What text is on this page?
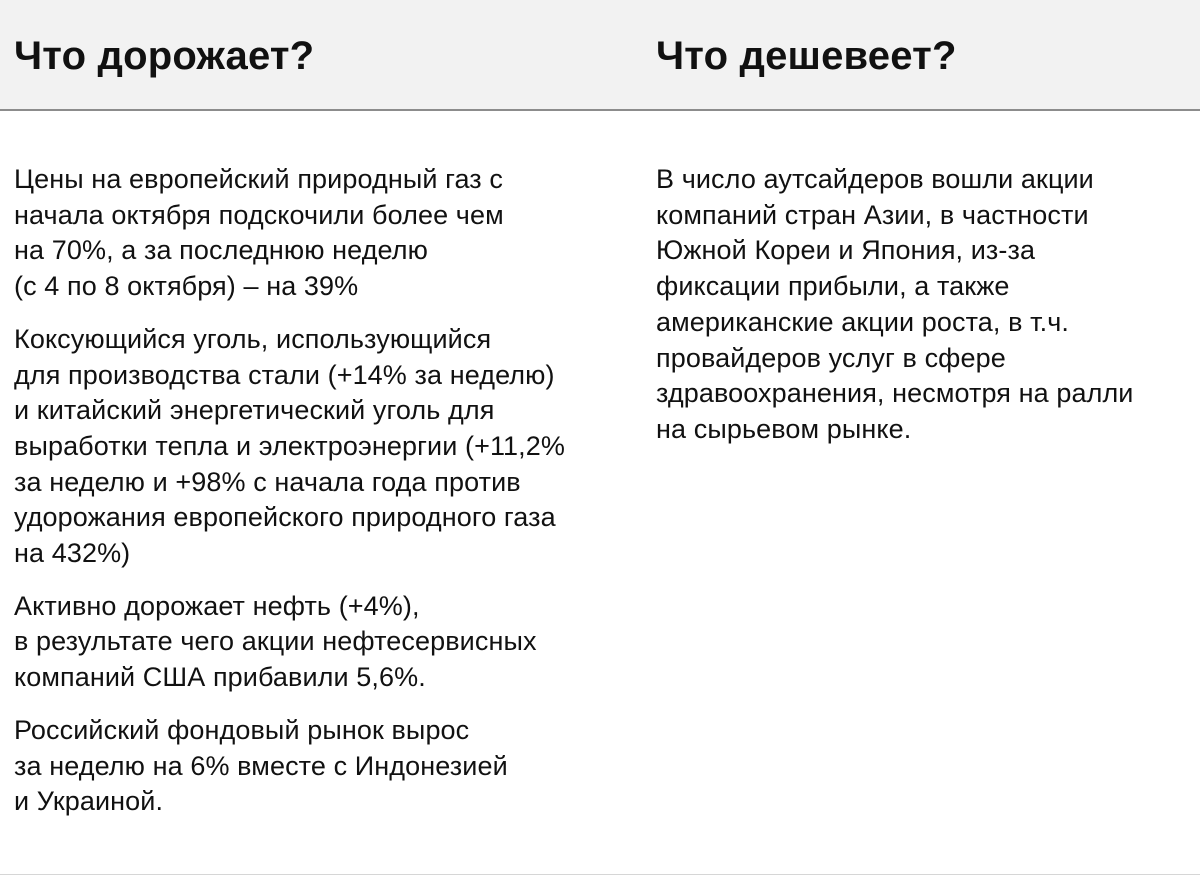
Что дорожает?	Что дешевеет?

Цены на европейский природный газ с
начала октября подскочили более чем
на 70%, а за последнюю неделю
(с 4 по 8 октября) – на 39%

Коксующийся уголь, использующийся
для производства стали (+14% за неделю)
и китайский энергетический уголь для
выработки тепла и электроэнергии (+11,2%
за неделю и +98% с начала года против
удорожания европейского природного газа
на 432%)

Активно дорожает нефть (+4%),
в результате чего акции нефтесервисных
компаний США прибавили 5,6%.

Российский фондовый рынок вырос
за неделю на 6% вместе с Индонезией
и Украиной.

В число аутсайдеров вошли акции
компаний стран Азии, в частности
Южной Кореи и Япония, из-за
фиксации прибыли, а также
американские акции роста, в т.ч.
провайдеров услуг в сфере
здравоохранения, несмотря на ралли
на сырьевом рынке.
